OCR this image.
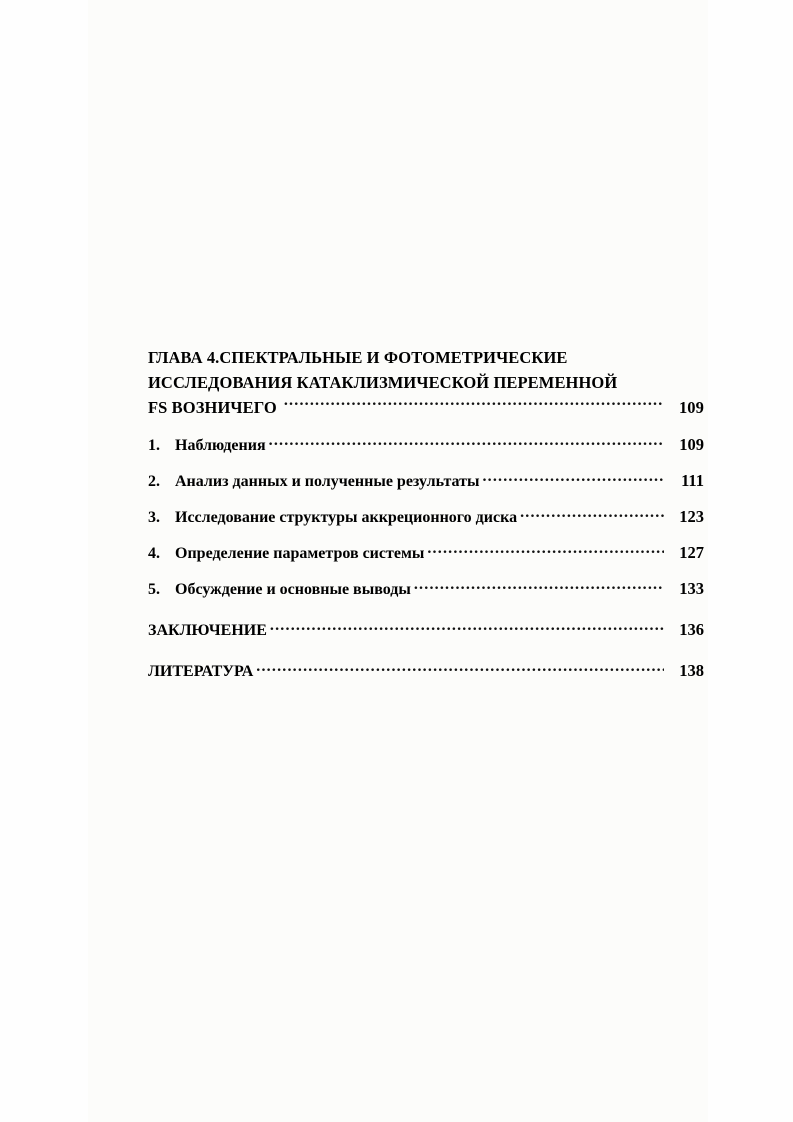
ГЛАВА 4.СПЕКТРАЛЬНЫЕ И ФОТОМЕТРИЧЕСКИЕ
ИССЛЕДОВАНИЯ КАТАКЛИЗМИЧЕСКОЙ ПЕРЕМЕННОЙ
FS ВОЗНИЧЕГО .....	109
1. Наблюдения .....	109
2. Анализ данных и полученные результаты .....	111
3. Исследование структуры аккреционного диска .....	123
4. Определение параметров системы .....	127
5. Обсуждение и основные выводы .....	133
ЗАКЛЮЧЕНИЕ .....	136
ЛИТЕРАТУРА .....	138
